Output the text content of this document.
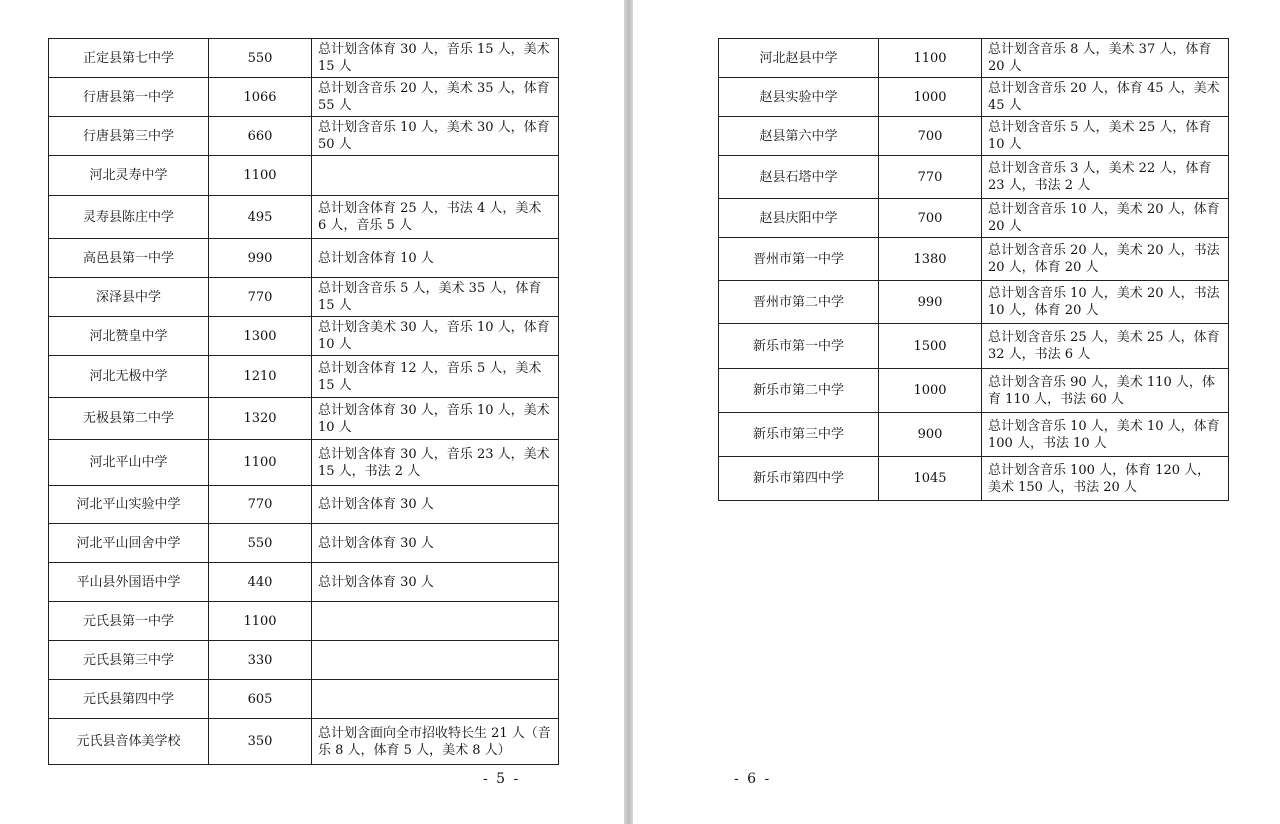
正定县第七中学	550	总计划含体育 30 人，音乐 15 人，美术 15 人
行唐县第一中学	1066	总计划含音乐 20 人，美术 35 人，体育 55 人
行唐县第三中学	660	总计划含音乐 10 人，美术 30 人，体育 50 人
河北灵寿中学	1100	
灵寿县陈庄中学	495	总计划含体育 25 人，书法 4 人，美术 6 人，音乐 5 人
高邑县第一中学	990	总计划含体育 10 人
深泽县中学	770	总计划含音乐 5 人，美术 35 人，体育 15 人
河北赞皇中学	1300	总计划含美术 30 人，音乐 10 人，体育 10 人
河北无极中学	1210	总计划含体育 12 人，音乐 5 人，美术 15 人
无极县第二中学	1320	总计划含体育 30 人，音乐 10 人，美术 10 人
河北平山中学	1100	总计划含体育 30 人，音乐 23 人，美术 15 人，书法 2 人
河北平山实验中学	770	总计划含体育 30 人
河北平山回舍中学	550	总计划含体育 30 人
平山县外国语中学	440	总计划含体育 30 人
元氏县第一中学	1100	
元氏县第三中学	330	
元氏县第四中学	605	
元氏县音体美学校	350	总计划含面向全市招收特长生 21 人（音乐 8 人，体育 5 人，美术 8 人）
- 5 -
河北赵县中学	1100	总计划含音乐 8 人，美术 37 人，体育 20 人
赵县实验中学	1000	总计划含音乐 20 人，体育 45 人，美术 45 人
赵县第六中学	700	总计划含音乐 5 人，美术 25 人，体育 10 人
赵县石塔中学	770	总计划含音乐 3 人，美术 22 人，体育 23 人，书法 2 人
赵县庆阳中学	700	总计划含音乐 10 人，美术 20 人，体育 20 人
晋州市第一中学	1380	总计划含音乐 20 人，美术 20 人，书法 20 人，体育 20 人
晋州市第二中学	990	总计划含音乐 10 人，美术 20 人，书法 10 人，体育 20 人
新乐市第一中学	1500	总计划含音乐 25 人，美术 25 人，体育 32 人，书法 6 人
新乐市第二中学	1000	总计划含音乐 90 人，美术 110 人，体育 110 人，书法 60 人
新乐市第三中学	900	总计划含音乐 10 人，美术 10 人，体育 100 人，书法 10 人
新乐市第四中学	1045	总计划含音乐 100 人，体育 120 人，美术 150 人，书法 20 人
- 6 -
